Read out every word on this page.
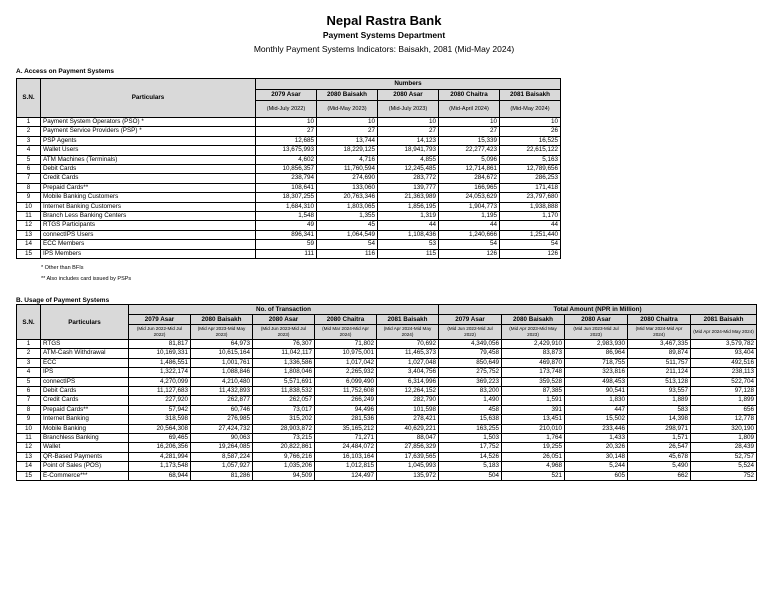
Nepal Rastra Bank
Payment Systems Department
Monthly Payment Systems Indicators: Baisakh, 2081 (Mid-May 2024)
A. Access on Payment Systems
S.N.	Particulars	Numbers				
		2079 Asar	2080 Baisakh	2080 Asar	2080 Chaitra	2081 Baisakh
		(Mid-July 2022)	(Mid-May 2023)	(Mid-July 2023)	(Mid-April 2024)	(Mid-May 2024)
1	Payment System Operators (PSO) *	10	10	10	10	10
2	Payment Service Providers (PSP) *	27	27	27	27	26
3	PSP Agents	12,685	13,744	14,123	15,339	16,525
4	Wallet Users	13,675,993	18,229,125	18,941,793	22,277,423	22,615,122
5	ATM Machines (Terminals)	4,602	4,716	4,855	5,096	5,163
6	Debit Cards	10,856,357	11,760,594	12,245,485	12,714,861	12,789,656
7	Credit Cards	238,794	274,690	283,772	284,672	286,253
8	Prepaid Cards**	108,641	133,060	139,777	166,965	171,418
9	Mobile Banking Customers	18,307,255	20,763,346	21,363,989	24,053,629	23,797,680
10	Internet Banking Customers	1,684,310	1,803,065	1,856,195	1,904,773	1,938,888
11	Branch Less Banking Centers	1,548	1,355	1,319	1,195	1,170
12	RTGS Participants	49	45	44	44	44
13	connectIPS Users	896,341	1,064,549	1,108,436	1,240,666	1,251,440
14	ECC Members	59	54	53	54	54
15	IPS Members	111	116	115	126	126
* Other than BFIs
** Also includes card issued by PSPs
B. Usage of Payment Systems
S.N.	Particulars	No. of Transaction					Total Amount (NPR in Million)				
		2079 Asar	2080 Baisakh	2080 Asar	2080 Chaitra	2081 Baisakh	2079 Asar	2080 Baisakh	2080 Asar	2080 Chaitra	2081 Baisakh
		(Mid Jun 2022-Mid Jul 2022)	(Mid Apr 2023-Mid May 2023)	(Mid Jun 2023-Mid Jul 2023)	(Mid Mar 2024-Mid Apr 2024)	(Mid Apr 2024-Mid May 2024)	(Mid Jun 2022-Mid Jul 2022)	(Mid Apr 2023-Mid May 2023)	(Mid Jun 2023-Mid Jul 2023)	(Mid Mar 2024-Mid Apr 2024)	(Mid Apr 2024-Mid May 2024)
1	RTGS	81,817	64,973	76,307	71,802	70,692	4,349,056	2,429,910	2,983,930	3,467,335	3,579,782
2	ATM-Cash Withdrawal	10,169,331	10,615,164	11,042,117	10,975,001	11,465,373	79,458	83,873	86,964	89,874	93,404
3	ECC	1,486,551	1,001,761	1,336,586	1,017,042	1,027,048	850,649	469,870	718,755	511,757	492,516
4	IPS	1,322,174	1,088,846	1,808,046	2,265,932	3,404,756	275,752	173,748	323,816	211,124	238,113
5	connectIPS	4,270,099	4,210,480	5,571,691	6,099,490	6,314,996	369,223	359,528	498,453	513,128	522,704
6	Debit Cards	11,127,683	11,432,893	11,838,532	11,752,608	12,264,152	83,200	87,385	90,541	93,557	97,128
7	Credit Cards	227,920	262,877	262,057	266,249	282,790	1,490	1,591	1,830	1,889	1,899
8	Prepaid Cards**	57,942	60,746	73,017	94,496	101,598	458	391	447	583	656
9	Internet Banking	318,598	276,985	315,202	281,536	278,421	15,638	13,451	15,502	14,398	12,778
10	Mobile Banking	20,564,308	27,424,732	28,903,872	35,165,212	40,629,221	163,255	210,010	233,446	298,971	320,190
11	Branchless Banking	69,465	90,063	73,215	71,271	88,047	1,503	1,764	1,433	1,571	1,809
12	Wallet	16,206,356	19,264,085	20,822,861	24,484,072	27,856,329	17,752	19,255	20,326	26,547	28,439
13	QR-Based Payments	4,281,994	8,587,224	9,766,216	16,103,164	17,639,565	14,526	26,051	30,148	45,678	52,757
14	Point of Sales (POS)	1,173,548	1,057,927	1,035,206	1,012,815	1,045,993	5,183	4,968	5,244	5,490	5,524
15	E-Commerce***	68,944	81,286	94,509	124,497	135,972	504	521	605	662	752
